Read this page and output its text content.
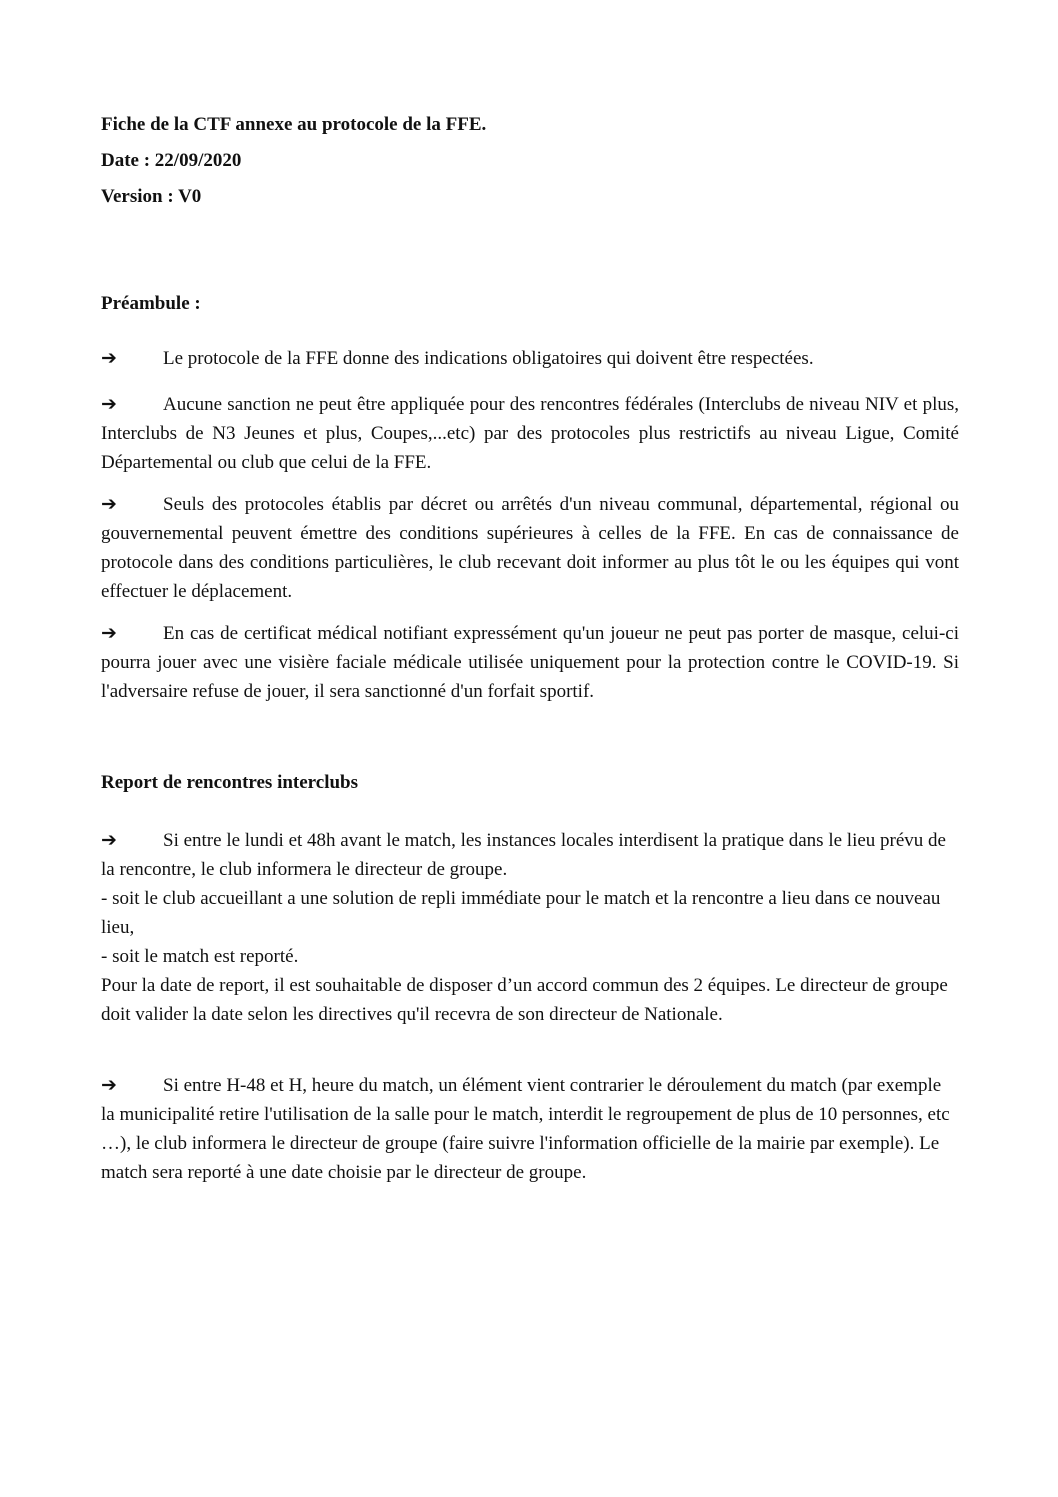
Fiche de la CTF annexe au protocole de la FFE.
Date : 22/09/2020
Version : V0
Préambule :
➔ Le protocole de la FFE donne des indications obligatoires qui doivent être respectées.
➔ Aucune sanction ne peut être appliquée pour des rencontres fédérales (Interclubs de niveau NIV et plus, Interclubs de N3 Jeunes et plus, Coupes,...etc) par des protocoles plus restrictifs au niveau Ligue, Comité Départemental ou club que celui de la FFE.
➔ Seuls des protocoles établis par décret ou arrêtés d'un niveau communal, départemental, régional ou gouvernemental peuvent émettre des conditions supérieures à celles de la FFE. En cas de connaissance de protocole dans des conditions particulières, le club recevant doit informer au plus tôt le ou les équipes qui vont effectuer le déplacement.
➔ En cas de certificat médical notifiant expressément qu'un joueur ne peut pas porter de masque, celui-ci pourra jouer avec une visière faciale médicale utilisée uniquement pour la protection contre le COVID-19. Si l'adversaire refuse de jouer, il sera sanctionné d'un forfait sportif.
Report de rencontres interclubs
➔ Si entre le lundi et 48h avant le match, les instances locales interdisent la pratique dans le lieu prévu de la rencontre, le club informera le directeur de groupe.
- soit le club accueillant a une solution de repli immédiate pour le match et la rencontre a lieu dans ce nouveau lieu,
- soit le match est reporté.
Pour la date de report, il est souhaitable de disposer d’un accord commun des 2 équipes. Le directeur de groupe doit valider la date selon les directives qu'il recevra de son directeur de Nationale.
➔ Si entre H-48 et H, heure du match, un élément vient contrarier le déroulement du match (par exemple la municipalité retire l'utilisation de la salle pour le match, interdit le regroupement de plus de 10 personnes, etc …), le club informera le directeur de groupe (faire suivre l'information officielle de la mairie par exemple). Le match sera reporté à une date choisie par le directeur de groupe.
